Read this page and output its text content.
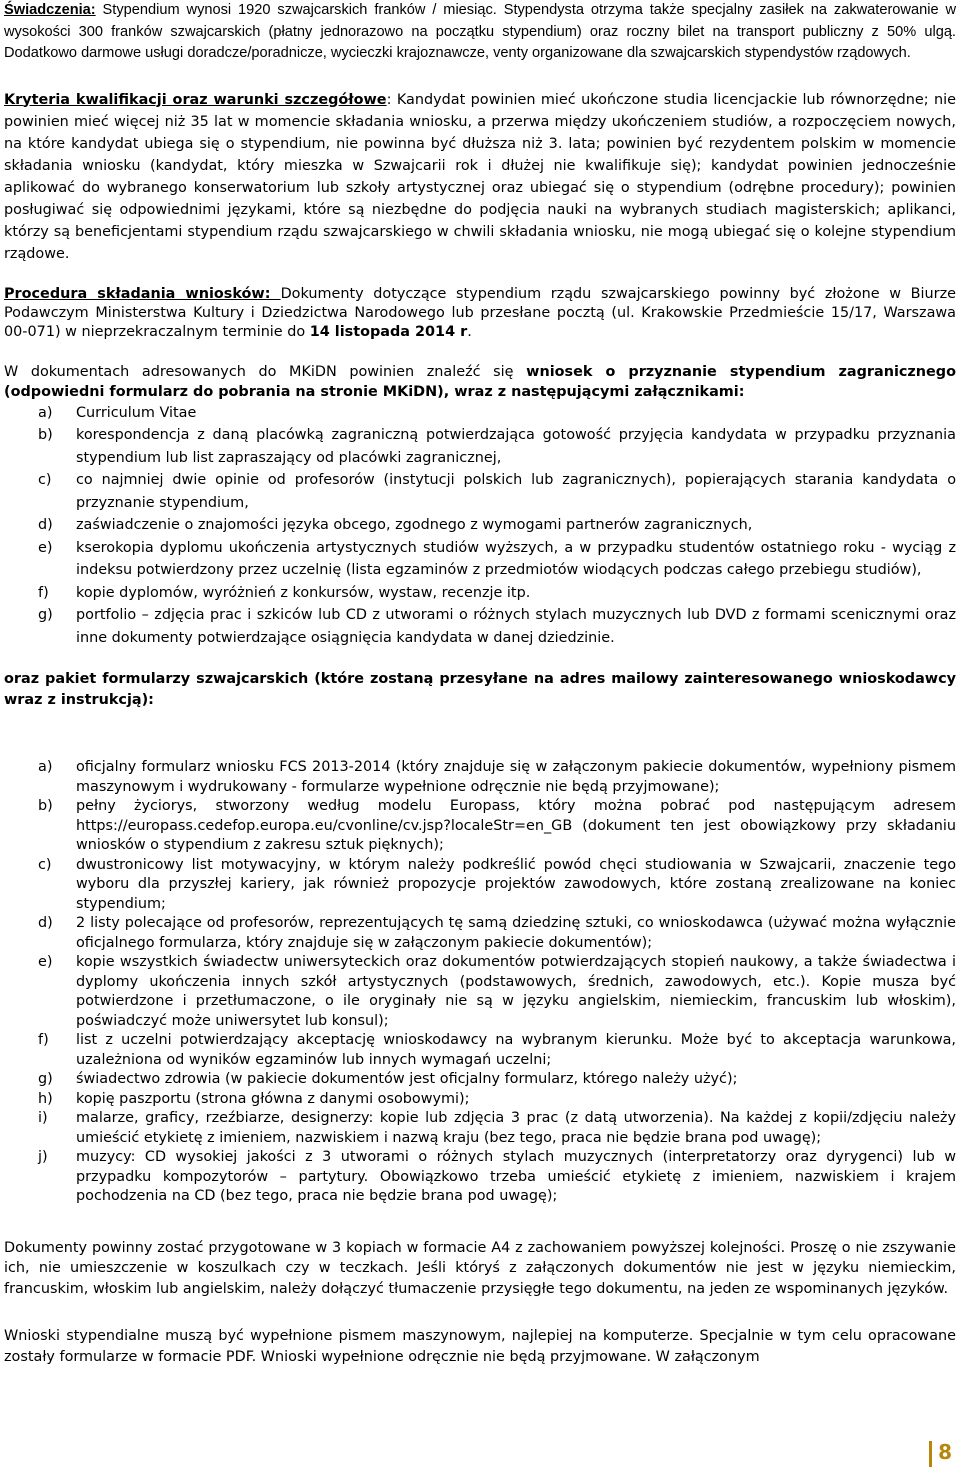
Świadczenia: Stypendium wynosi 1920 szwajcarskich franków / miesiąc. Stypendysta otrzyma także specjalny zasiłek na zakwaterowanie w wysokości 300 franków szwajcarskich (płatny jednorazowo na początku stypendium) oraz roczny bilet na transport publiczny z 50% ulgą. Dodatkowo darmowe usługi doradcze/poradnicze, wycieczki krajoznawcze, venty organizowane dla szwajcarskich stypendystów rządowych.

Kryteria kwalifikacji oraz warunki szczegółowe: Kandydat powinien mieć ukończone studia licencjackie lub równorzędne; nie powinien mieć więcej niż 35 lat w momencie składania wniosku, a przerwa między ukończeniem studiów, a rozpoczęciem nowych, na które kandydat ubiega się o stypendium, nie powinna być dłuższa niż 3. lata; powinien być rezydentem polskim w momencie składania wniosku (kandydat, który mieszka w Szwajcarii rok i dłużej nie kwalifikuje się); kandydat powinien jednocześnie aplikować do wybranego konserwatorium lub szkoły artystycznej oraz ubiegać się o stypendium (odrębne procedury); powinien posługiwać się odpowiednimi językami, które są niezbędne do podjęcia nauki na wybranych studiach magisterskich; aplikanci, którzy są beneficjentami stypendium rządu szwajcarskiego w chwili składania wniosku, nie mogą ubiegać się o kolejne stypendium rządowe.

Procedura składania wniosków: Dokumenty dotyczące stypendium rządu szwajcarskiego powinny być złożone w Biurze Podawczym Ministerstwa Kultury i Dziedzictwa Narodowego lub przesłane pocztą (ul. Krakowskie Przedmieście 15/17, Warszawa 00-071) w nieprzekraczalnym terminie do 14 listopada 2014 r.

W dokumentach adresowanych do MKiDN powinien znaleźć się wniosek o przyznanie stypendium zagranicznego (odpowiedni formularz do pobrania na stronie MKiDN), wraz z następującymi załącznikami:

a) Curriculum Vitae
b) korespondencja z daną placówką zagraniczną potwierdzająca gotowość przyjęcia kandydata w przypadku przyznania stypendium lub list zapraszający od placówki zagranicznej,
c) co najmniej dwie opinie od profesorów (instytucji polskich lub zagranicznych), popierających starania kandydata o przyznanie stypendium,
d) zaświadczenie o znajomości języka obcego, zgodnego z wymogami partnerów zagranicznych,
e) kserokopia dyplomu ukończenia artystycznych studiów wyższych, a w przypadku studentów ostatniego roku - wyciąg z indeksu potwierdzony przez uczelnię (lista egzaminów z przedmiotów wiodących podczas całego przebiegu studiów),
f) kopie dyplomów, wyróżnień z konkursów, wystaw, recenzje itp.
g) portfolio – zdjęcia prac i szkiców lub CD z utworami o różnych stylach muzycznych lub DVD z formami scenicznymi oraz inne dokumenty potwierdzające osiągnięcia kandydata w danej dziedzinie.

oraz pakiet formularzy szwajcarskich (które zostaną przesyłane na adres mailowy zainteresowanego wnioskodawcy wraz z instrukcją):

a) oficjalny formularz wniosku FCS 2013-2014 (który znajduje się w załączonym pakiecie dokumentów, wypełniony pismem maszynowym i wydrukowany - formularze wypełnione odręcznie nie będą przyjmowane);
b) pełny życiorys, stworzony według modelu Europass, który można pobrać pod następującym adresem https://europass.cedefop.europa.eu/cvonline/cv.jsp?localeStr=en_GB (dokument ten jest obowiązkowy przy składaniu wniosków o stypendium z zakresu sztuk pięknych);
c) dwustronicowy list motywacyjny, w którym należy podkreślić powód chęci studiowania w Szwajcarii, znaczenie tego wyboru dla przyszłej kariery, jak również propozycje projektów zawodowych, które zostaną zrealizowane na koniec stypendium;
d) 2 listy polecające od profesorów, reprezentujących tę samą dziedzinę sztuki, co wnioskodawca (używać można wyłącznie oficjalnego formularza, który znajduje się w załączonym pakiecie dokumentów);
e) kopie wszystkich świadectw uniwersyteckich oraz dokumentów potwierdzających stopień naukowy, a także świadectwa i dyplomy ukończenia innych szkół artystycznych (podstawowych, średnich, zawodowych, etc.). Kopie musza być potwierdzone i przetłumaczone, o ile oryginały nie są w języku angielskim, niemieckim, francuskim lub włoskim), poświadczyć może uniwersytet lub konsul);
f) list z uczelni potwierdzający akceptację wnioskodawcy na wybranym kierunku. Może być to akceptacja warunkowa, uzależniona od wyników egzaminów lub innych wymagań uczelni;
g) świadectwo zdrowia (w pakiecie dokumentów jest oficjalny formularz, którego należy użyć);
h) kopię paszportu (strona główna z danymi osobowymi);
i) malarze, graficy, rzeźbiarze, designerzy: kopie lub zdjęcia 3 prac (z datą utworzenia). Na każdej z kopii/zdjęciu należy umieścić etykietę z imieniem, nazwiskiem i nazwą kraju (bez tego, praca nie będzie brana pod uwagę);
j) muzycy: CD wysokiej jakości z 3 utworami o różnych stylach muzycznych (interpretatorzy oraz dyrygenci) lub w przypadku kompozytorów – partytury. Obowiązkowo trzeba umieścić etykietę z imieniem, nazwiskiem i krajem pochodzenia na CD (bez tego, praca nie będzie brana pod uwagę);

Dokumenty powinny zostać przygotowane w 3 kopiach w formacie A4 z zachowaniem powyższej kolejności. Proszę o nie zszywanie ich, nie umieszczenie w koszulkach czy w teczkach. Jeśli któryś z załączonych dokumentów nie jest w języku niemieckim, francuskim, włoskim lub angielskim, należy dołączyć tłumaczenie przysięgłe tego dokumentu, na jeden ze wspominanych języków.

Wnioski stypendialne muszą być wypełnione pismem maszynowym, najlepiej na komputerze. Specjalnie w tym celu opracowane zostały formularze w formacie PDF. Wnioski wypełnione odręcznie nie będą przyjmowane. W załączonym

8
